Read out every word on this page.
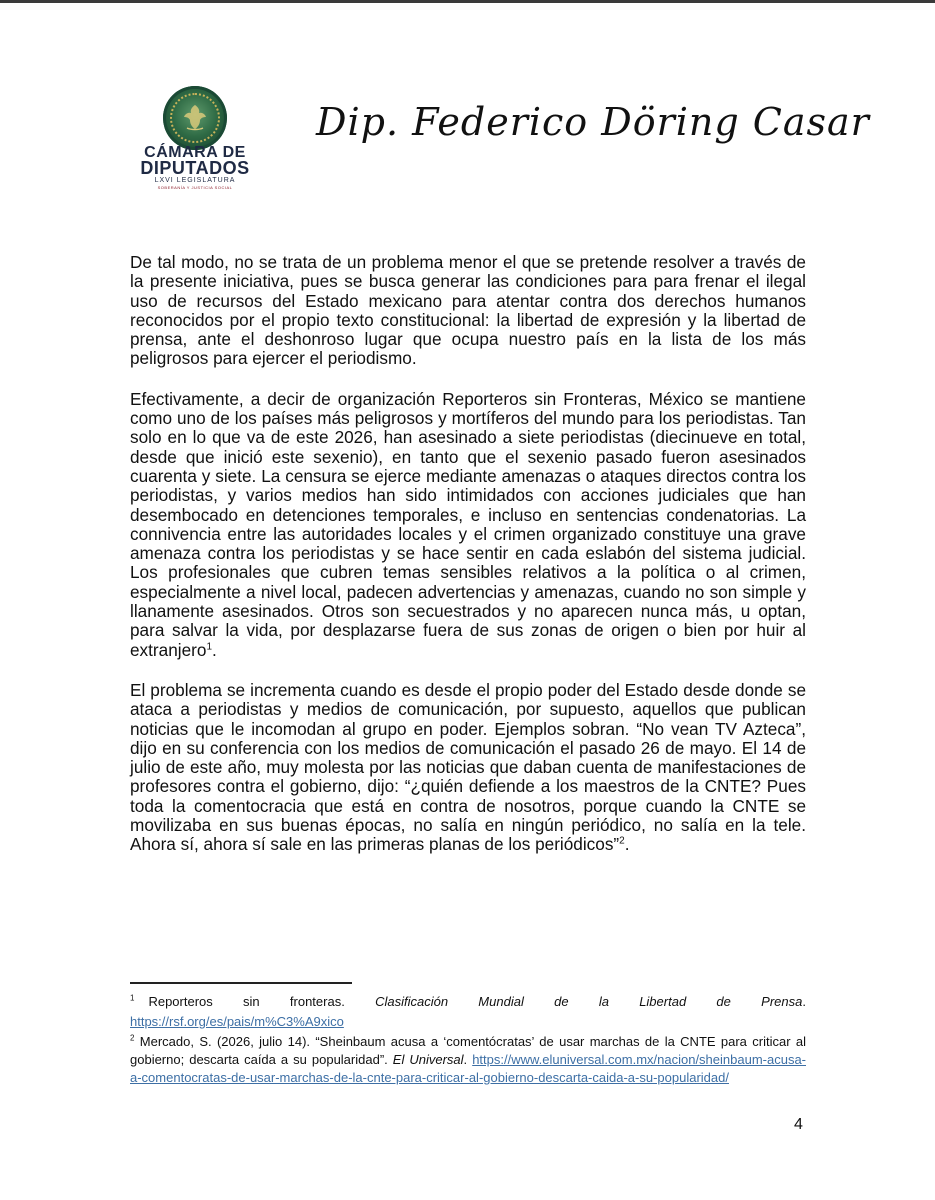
CÁMARA DE
DIPUTADOS
LXVI LEGISLATURA
SOBERANÍA Y JUSTICIA SOCIAL
Dip. Federico Döring Casar

De tal modo, no se trata de un problema menor el que se pretende resolver a través de la presente iniciativa, pues se busca generar las condiciones para para frenar el ilegal uso de recursos del Estado mexicano para atentar contra dos derechos humanos reconocidos por el propio texto constitucional: la libertad de expresión y la libertad de prensa, ante el deshonroso lugar que ocupa nuestro país en la lista de los más peligrosos para ejercer el periodismo.

Efectivamente, a decir de organización Reporteros sin Fronteras, México se mantiene como uno de los países más peligrosos y mortíferos del mundo para los periodistas. Tan solo en lo que va de este 2026, han asesinado a siete periodistas (diecinueve en total, desde que inició este sexenio), en tanto que el sexenio pasado fueron asesinados cuarenta y siete. La censura se ejerce mediante amenazas o ataques directos contra los periodistas, y varios medios han sido intimidados con acciones judiciales que han desembocado en detenciones temporales, e incluso en sentencias condenatorias. La connivencia entre las autoridades locales y el crimen organizado constituye una grave amenaza contra los periodistas y se hace sentir en cada eslabón del sistema judicial. Los profesionales que cubren temas sensibles relativos a la política o al crimen, especialmente a nivel local, padecen advertencias y amenazas, cuando no son simple y llanamente asesinados. Otros son secuestrados y no aparecen nunca más, u optan, para salvar la vida, por desplazarse fuera de sus zonas de origen o bien por huir al extranjero$^1$.

El problema se incrementa cuando es desde el propio poder del Estado desde donde se ataca a periodistas y medios de comunicación, por supuesto, aquellos que publican noticias que le incomodan al grupo en poder. Ejemplos sobran. “No vean TV Azteca”, dijo en su conferencia con los medios de comunicación el pasado 26 de mayo. El 14 de julio de este año, muy molesta por las noticias que daban cuenta de manifestaciones de profesores contra el gobierno, dijo: “¿quién defiende a los maestros de la CNTE? Pues toda la comentocracia que está en contra de nosotros, porque cuando la CNTE se movilizaba en sus buenas épocas, no salía en ningún periódico, no salía en la tele. Ahora sí, ahora sí sale en las primeras planas de los periódicos”$^2$.

$^1$ Reporteros sin fronteras. Clasificación Mundial de la Libertad de Prensa.

https://rsf.org/es/pais/m%C3%A9xico

$^2$ Mercado, S. (2026, julio 14). “Sheinbaum acusa a ‘comentócratas’ de usar marchas de la CNTE para criticar al gobierno; descarta caída a su popularidad”. El Universal. https://www.eluniversal.com.mx/nacion/sheinbaum-acusa-a-comentocratas-de-usar-marchas-de-la-cnte-para-criticar-al-gobierno-descarta-caida-a-su-popularidad/

4
